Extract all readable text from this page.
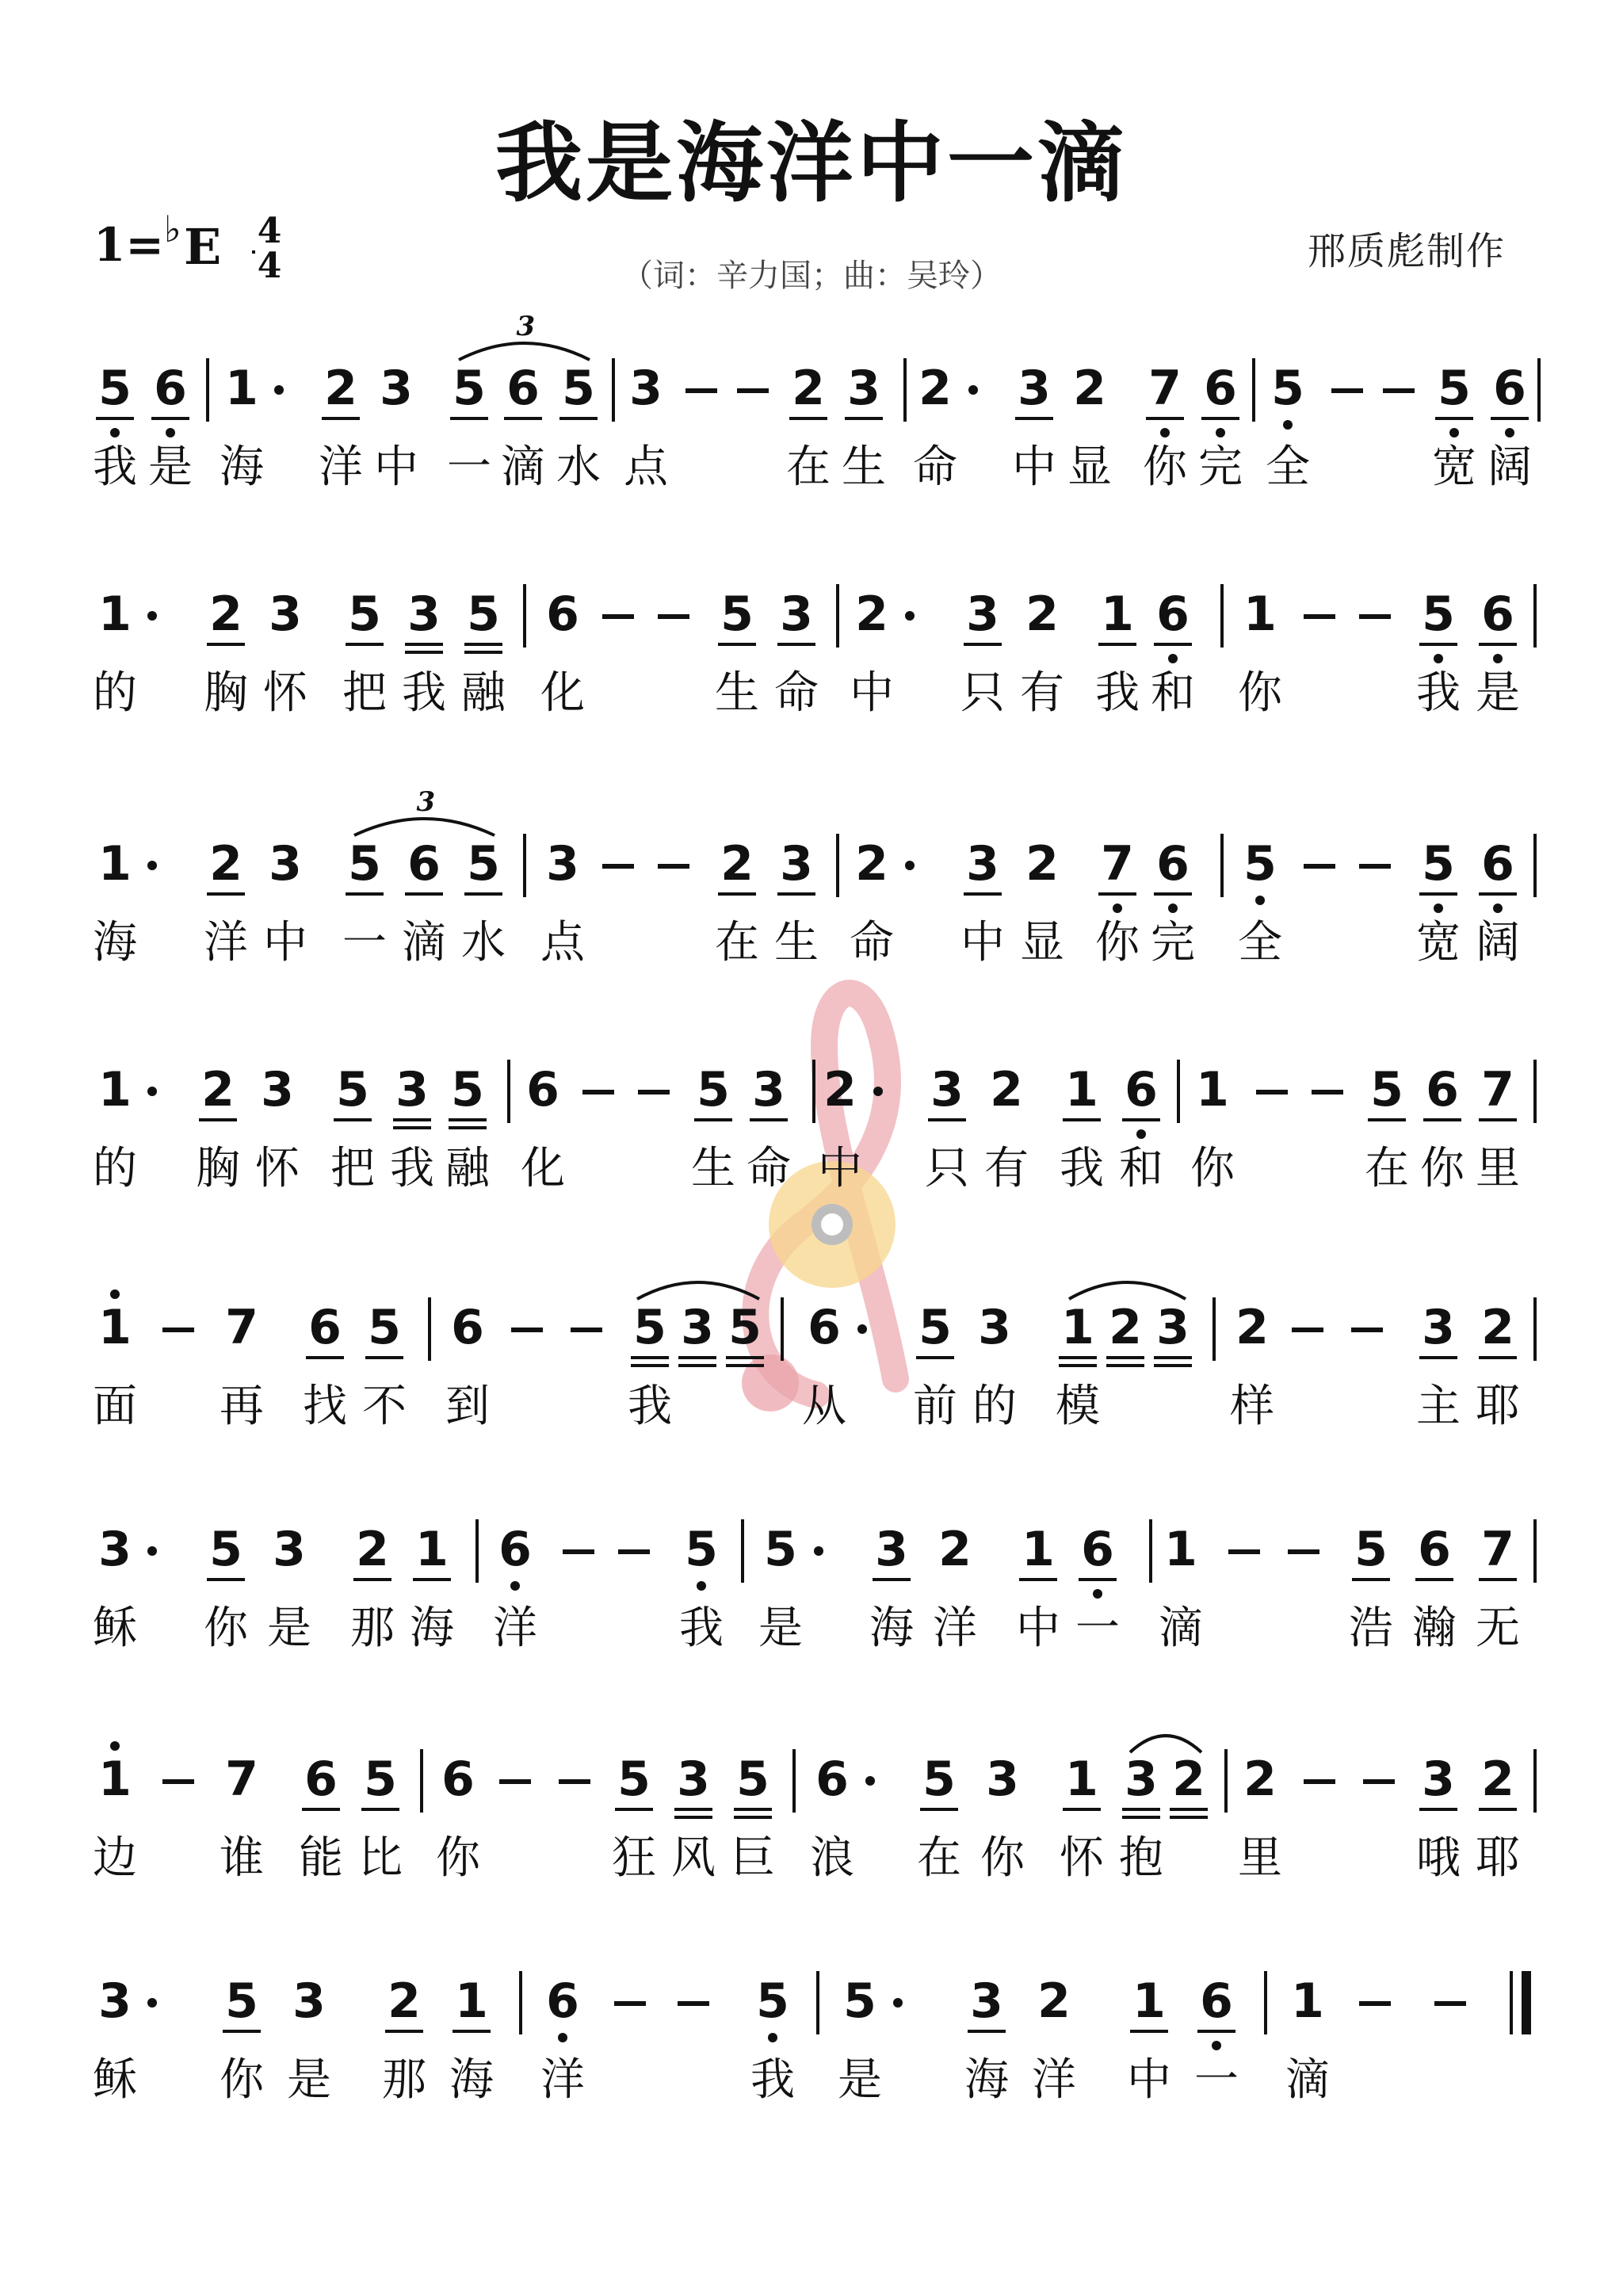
我是海洋中一滴
1= ♭ E 4
4	（词：辛力国；曲：吴玲）
邢质彪制作
5 6 1 2 3 5 6 5 3	2 3 2 3 2 7 6 5	5 6
我 是 海 洋 中 一 滴 水 点	在 生 命 中 显 你 完 全	宽 阔
1 2 3 5 3 5 6	5 3 2 3 2 1 6 1	5 6
的 胸 怀 把 我 融 化	生 命 中 只 有 我 和 你	我 是
1 2 3 5 6 5 3	2 3 2 3 2 7 6 5	5 6
海 洋 中 一 滴 水 点	在 生 命 中 显 你 完 全	宽 阔
1 2 3 5 3 5 6	5 3 2 3 2 1 6 1	5 6 7
的 胸 怀 把 我 融 化	生 命 中 只 有 我 和 你	在 你 里
1 7 6 5 6	5 3 5 6 5 3 1 2 3 2	3 2
面 再 找 不 到	我	从 前 的 模	样	主 耶
3 5 3 2 1 6	5 5 3 2 1 6 1	5 6 7
稣 你 是 那 海 洋	我 是 海 洋 中 一 滴	浩 瀚 无
1 7 6 5 6	5 3 5 6 5 3 1 3 2 2	3 2
边 谁 能 比 你	狂 风 巨 浪 在 你 怀 抱 里	哦 耶
3 5 3 2 1 6	5 5 3 2 1 6 1
稣 你 是 那 海 洋	我 是 海 洋 中 一 滴
3
3
